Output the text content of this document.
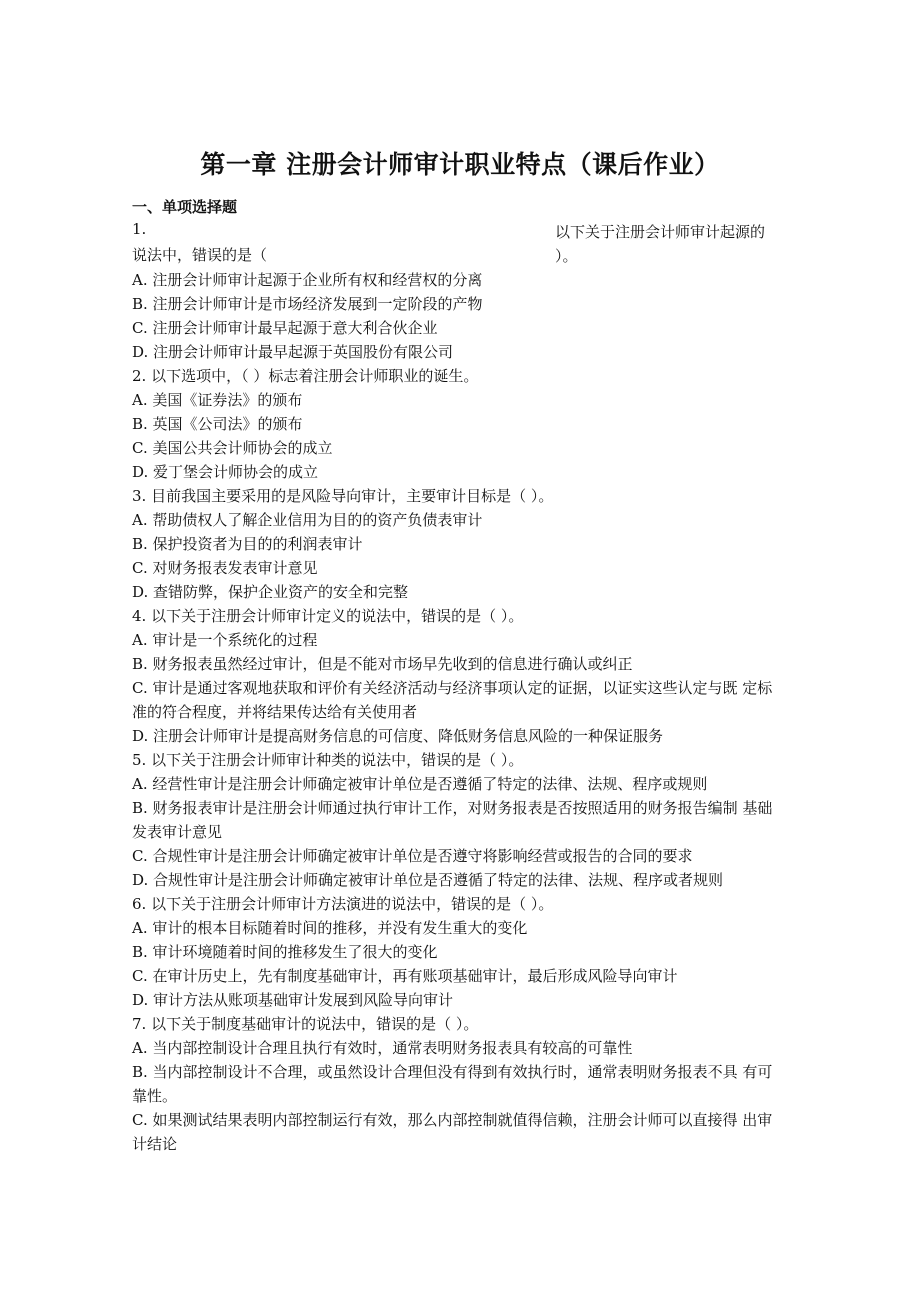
第一章 注册会计师审计职业特点（课后作业）
一、单项选择题
1.	以下关于注册会计师审计起源的
）。
说法中，错误的是（
A. 注册会计师审计起源于企业所有权和经营权的分离
B. 注册会计师审计是市场经济发展到一定阶段的产物
C. 注册会计师审计最早起源于意大利合伙企业
D. 注册会计师审计最早起源于英国股份有限公司
2. 以下选项中，（ ）标志着注册会计师职业的诞生。
A. 美国《证券法》的颁布
B. 英国《公司法》的颁布
C. 美国公共会计师协会的成立
D. 爱丁堡会计师协会的成立
3. 目前我国主要采用的是风险导向审计，主要审计目标是（ ）。
A. 帮助债权人了解企业信用为目的的资产负债表审计
B. 保护投资者为目的的利润表审计
C. 对财务报表发表审计意见
D. 查错防弊，保护企业资产的安全和完整
4. 以下关于注册会计师审计定义的说法中，错误的是（ ）。
A. 审计是一个系统化的过程
B. 财务报表虽然经过审计，但是不能对市场早先收到的信息进行确认或纠正
C. 审计是通过客观地获取和评价有关经济活动与经济事项认定的证据，以证实这些认定与既 定标准的符合程度，并将结果传达给有关使用者
D. 注册会计师审计是提高财务信息的可信度、降低财务信息风险的一种保证服务
5. 以下关于注册会计师审计种类的说法中，错误的是（ ）。
A. 经营性审计是注册会计师确定被审计单位是否遵循了特定的法律、法规、程序或规则
B. 财务报表审计是注册会计师通过执行审计工作，对财务报表是否按照适用的财务报告编制 基础发表审计意见
C. 合规性审计是注册会计师确定被审计单位是否遵守将影响经营或报告的合同的要求
D. 合规性审计是注册会计师确定被审计单位是否遵循了特定的法律、法规、程序或者规则
6. 以下关于注册会计师审计方法演进的说法中，错误的是（ ）。
A. 审计的根本目标随着时间的推移，并没有发生重大的变化
B. 审计环境随着时间的推移发生了很大的变化
C. 在审计历史上，先有制度基础审计，再有账项基础审计，最后形成风险导向审计
D. 审计方法从账项基础审计发展到风险导向审计
7. 以下关于制度基础审计的说法中，错误的是（ ）。
A. 当内部控制设计合理且执行有效时，通常表明财务报表具有较高的可靠性
B. 当内部控制设计不合理，或虽然设计合理但没有得到有效执行时，通常表明财务报表不具 有可靠性。
C. 如果测试结果表明内部控制运行有效，那么内部控制就值得信赖，注册会计师可以直接得 出审计结论
